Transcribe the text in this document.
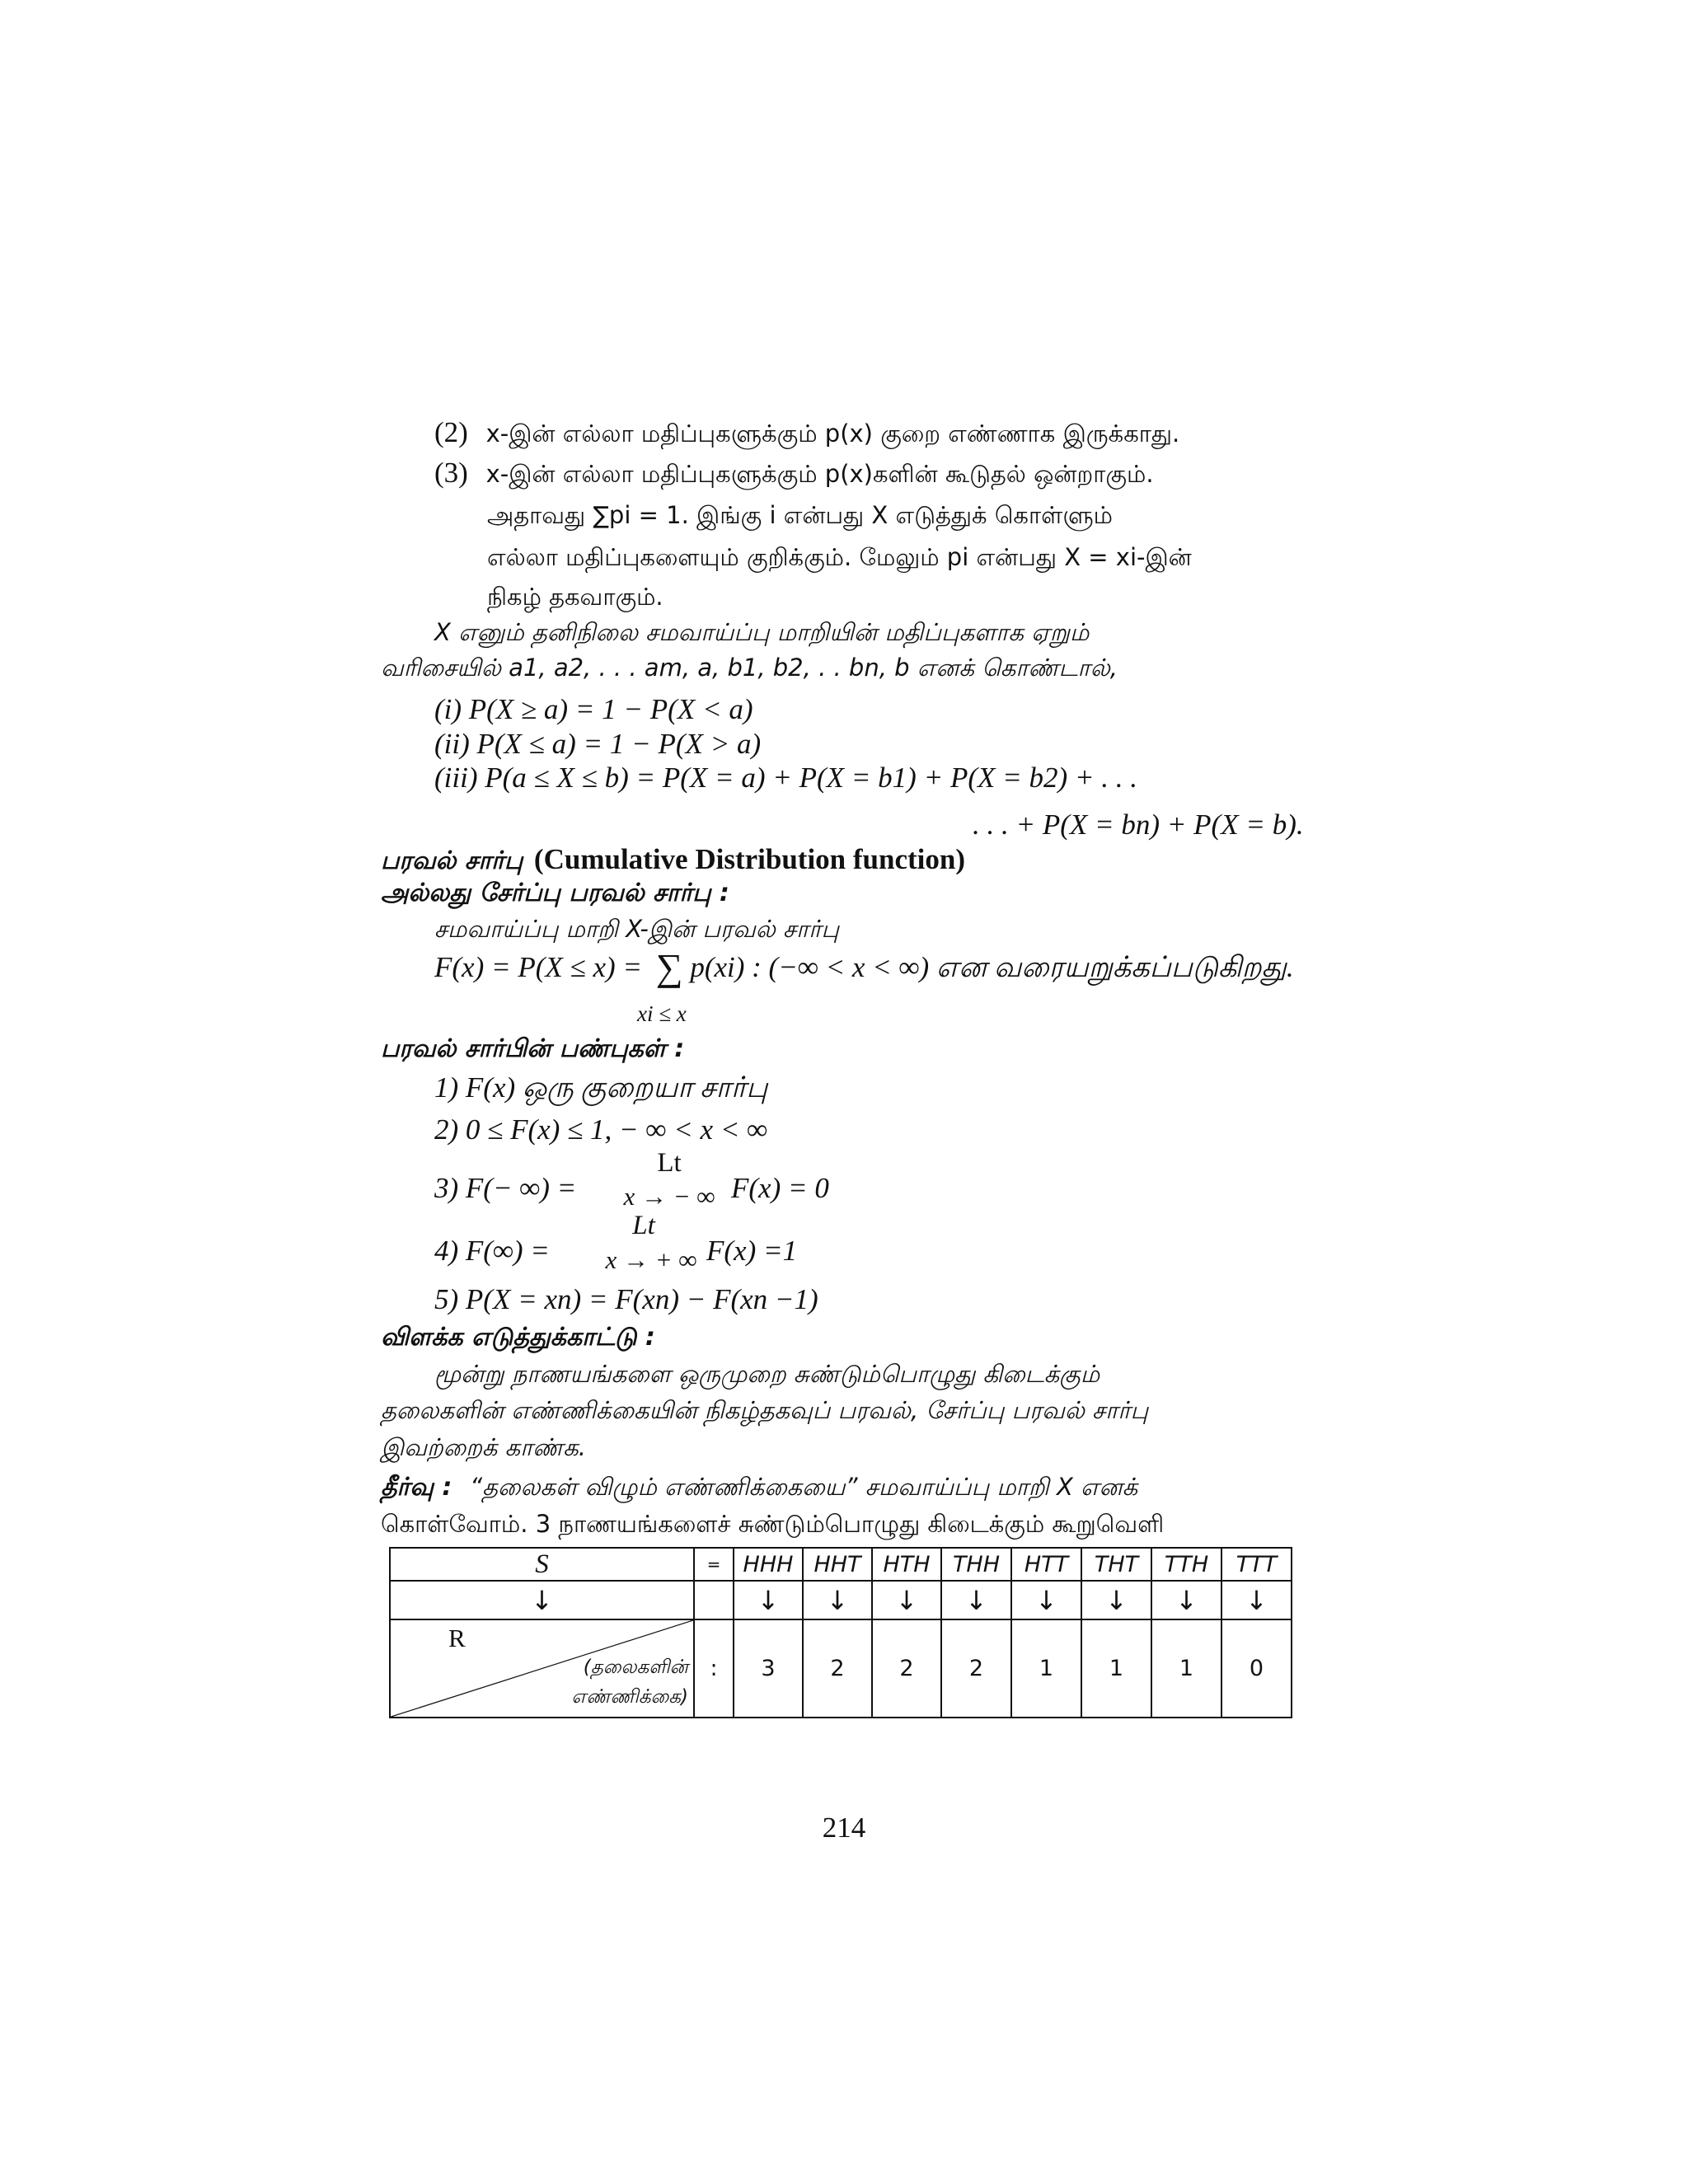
(2) x-இன் எல்லா மதிப்புகளுக்கும் p(x) குறை எண்ணாக இருக்காது.
(3) x-இன் எல்லா மதிப்புகளுக்கும் p(x)களின் கூடுதல் ஒன்றாகும்.
அதாவது ∑pi = 1. இங்கு i என்பது X எடுத்துக் கொள்ளும்
எல்லா மதிப்புகளையும் குறிக்கும். மேலும் pi என்பது X = xi-இன்
நிகழ் தகவாகும்.
X எனும் தனிநிலை சமவாய்ப்பு மாறியின் மதிப்புகளாக ஏறும்
வரிசையில் a1, a2, . . . am, a, b1, b2, . . bn, b எனக் கொண்டால்,
(i) P(X ≥ a) = 1 − P(X < a)
(ii) P(X ≤ a) = 1 − P(X > a)
(iii) P(a ≤ X ≤ b) = P(X = a) + P(X = b1) + P(X = b2) + . . .
. . . + P(X = bn) + P(X = b).
பரவல் சார்பு (Cumulative Distribution function)
அல்லது சேர்ப்பு பரவல் சார்பு :
சமவாய்ப்பு மாறி X-இன் பரவல் சார்பு
F(x) = P(X ≤ x) = ∑ p(xi) : (−∞ < x < ∞) என வரையறுக்கப்படுகிறது.
xi ≤ x
பரவல் சார்பின் பண்புகள் :
1) F(x) ஒரு குறையா சார்பு
2) 0 ≤ F(x) ≤ 1, − ∞ < x < ∞
3) F(− ∞) =
Lt
x → − ∞ F(x) = 0
4) F(∞) =
Lt
x → + ∞ F(x) =1
5) P(X = xn) = F(xn) − F(xn −1)
விளக்க எடுத்துக்காட்டு :
மூன்று நாணயங்களை ஒருமுறை சுண்டும்பொழுது கிடைக்கும்
தலைகளின் எண்ணிக்கையின் நிகழ்தகவுப் பரவல், சேர்ப்பு பரவல் சார்பு
இவற்றைக் காண்க.
தீர்வு : “தலைகள் விழும் எண்ணிக்கையை” சமவாய்ப்பு மாறி X எனக்
கொள்வோம். 3 நாணயங்களைச் சுண்டும்பொழுது கிடைக்கும் கூறுவெளி
S	=	HHH	HHT	HTH	THH	HTT	THT	TTH	TTT
↓		↓	↓	↓	↓	↓	↓	↓	↓

R
(தலைகளின்
எண்ணிக்கை)	:	3	2	2	2	1	1	1	0
214
